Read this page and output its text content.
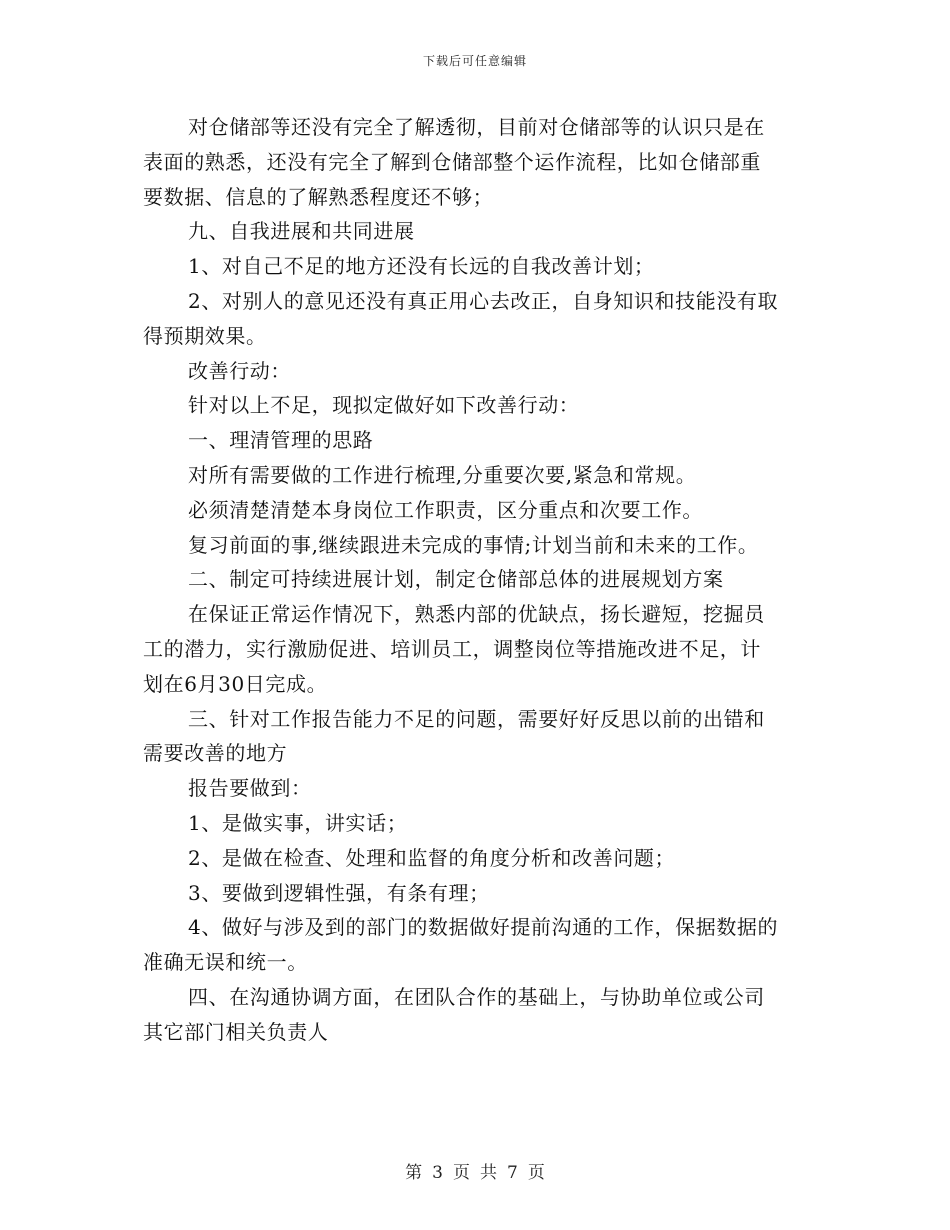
下载后可任意编辑
对仓储部等还没有完全了解透彻，目前对仓储部等的认识只是在
表面的熟悉，还没有完全了解到仓储部整个运作流程，比如仓储部重
要数据、信息的了解熟悉程度还不够；
九、自我进展和共同进展
1、对自己不足的地方还没有长远的自我改善计划；
2、对别人的意见还没有真正用心去改正，自身知识和技能没有取
得预期效果。
改善行动：
针对以上不足，现拟定做好如下改善行动：
一、理清管理的思路
对所有需要做的工作进行梳理,分重要次要,紧急和常规。
必须清楚清楚本身岗位工作职责，区分重点和次要工作。
复习前面的事,继续跟进未完成的事情;计划当前和未来的工作。
二、制定可持续进展计划，制定仓储部总体的进展规划方案
在保证正常运作情况下，熟悉内部的优缺点，扬长避短，挖掘员
工的潜力，实行激励促进、培训员工，调整岗位等措施改进不足，计
划在6月30日完成。
三、针对工作报告能力不足的问题，需要好好反思以前的出错和
需要改善的地方
报告要做到：
1、是做实事，讲实话；
2、是做在检查、处理和监督的角度分析和改善问题；
3、要做到逻辑性强，有条有理；
4、做好与涉及到的部门的数据做好提前沟通的工作，保据数据的
准确无误和统一。
四、在沟通协调方面，在团队合作的基础上，与协助单位或公司
其它部门相关负责人
第 3 页 共 7 页
